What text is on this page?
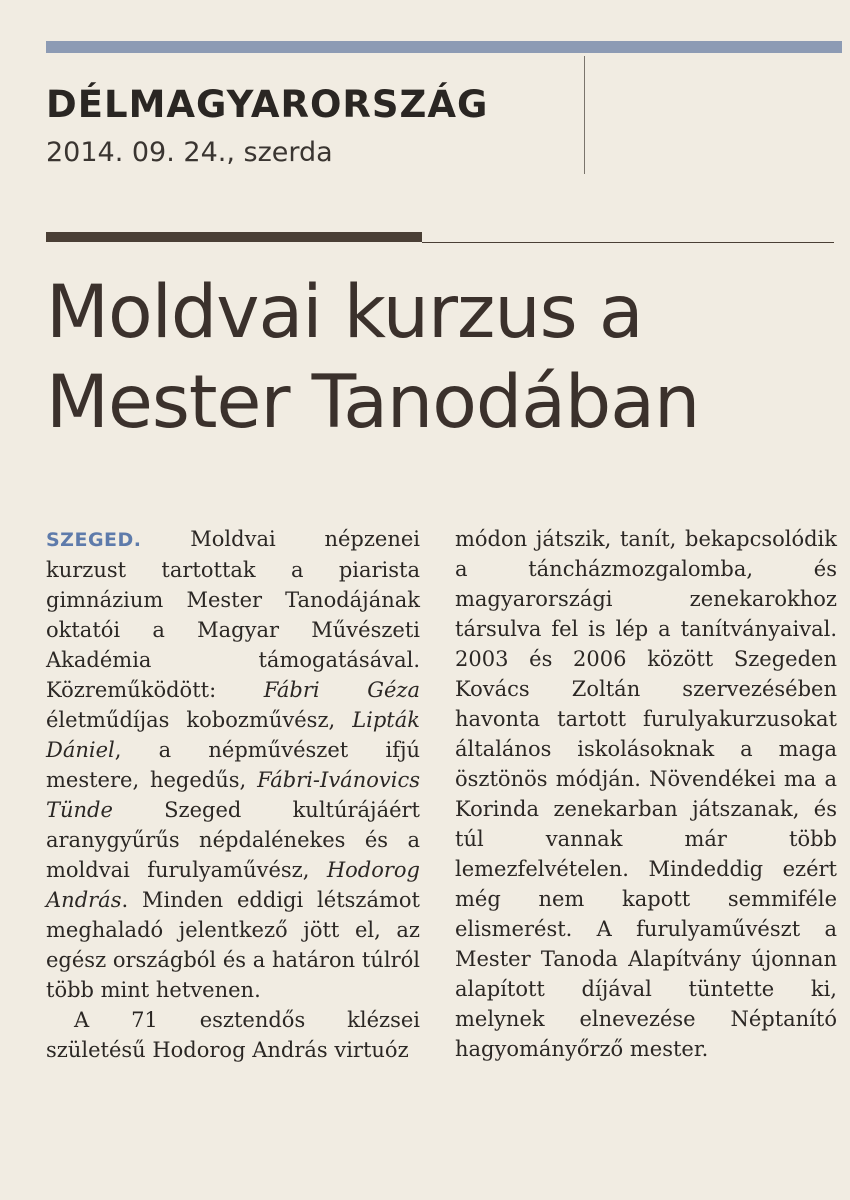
DÉLMAGYARORSZÁG
2014. 09. 24., szerda
Moldvai kurzus a
Mester Tanodában

SZEGED. Moldvai népzenei kurzust tartottak a piarista gimnázium Mester Tanodájának oktatói a Magyar Művészeti Akadémia támogatásával. Közreműködött: Fábri Géza életműdíjas kobozművész, Lipták Dániel, a népművészet ifjú mestere, hegedűs, Fábri-Ivánovics Tünde Szeged kultúrájáért aranygyűrűs népdalénekes és a moldvai furulyaművész, Hodorog András. Minden eddigi létszámot meghaladó jelentkező jött el, az egész országból és a határon túlról több mint hetvenen.

A 71 esztendős klézsei születésű Hodorog András virtuóz

módon játszik, tanít, bekapcsolódik a táncházmozgalomba, és magyarországi zenekarokhoz társulva fel is lép a tanítványaival. 2003 és 2006 között Szegeden Kovács Zoltán szervezésében havonta tartott furulyakurzusokat általános iskolásoknak a maga ösztönös módján. Növendékei ma a Korinda zenekarban játszanak, és túl vannak már több lemezfelvételen. Mindeddig ezért még nem kapott semmiféle elismerést. A furulyaművészt a Mester Tanoda Alapítvány újonnan alapított díjával tüntette ki, melynek elnevezése Néptanító hagyományőrző mester.
